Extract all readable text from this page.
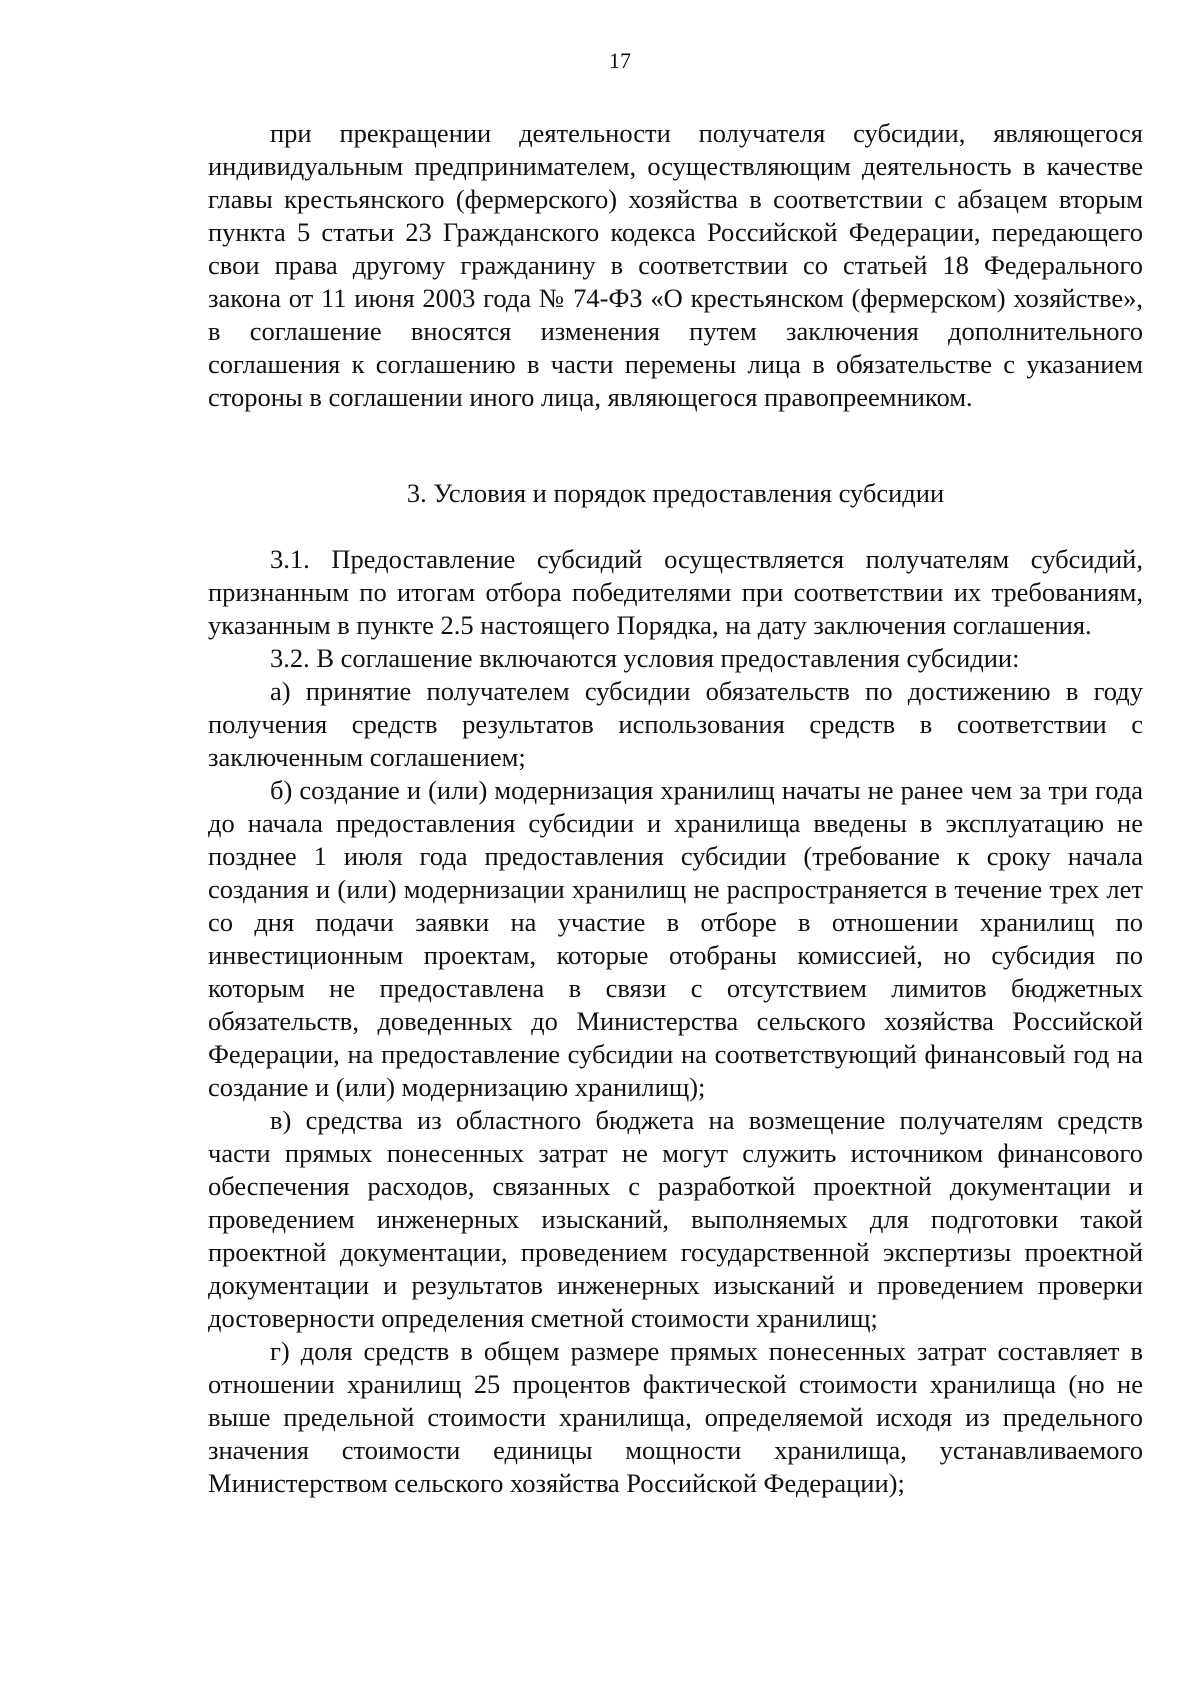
17

при прекращении деятельности получателя субсидии, являющегося индивидуальным предпринимателем, осуществляющим деятельность в качестве главы крестьянского (фермерского) хозяйства в соответствии с абзацем вторым пункта 5 статьи 23 Гражданского кодекса Российской Федерации, передающего свои права другому гражданину в соответствии со статьей 18 Федерального закона от 11 июня 2003 года № 74-ФЗ «О крестьянском (фермерском) хозяйстве», в соглашение вносятся изменения путем заключения дополнительного соглашения к соглашению в части перемены лица в обязательстве с указанием стороны в соглашении иного лица, являющегося правопреемником.

3. Условия и порядок предоставления субсидии

3.1. Предоставление субсидий осуществляется получателям субсидий, признанным по итогам отбора победителями при соответствии их требованиям, указанным в пункте 2.5 настоящего Порядка, на дату заключения соглашения.

3.2. В соглашение включаются условия предоставления субсидии:

а) принятие получателем субсидии обязательств по достижению в году получения средств результатов использования средств в соответствии с заключенным соглашением;

б) создание и (или) модернизация хранилищ начаты не ранее чем за три года до начала предоставления субсидии и хранилища введены в эксплуатацию не позднее 1 июля года предоставления субсидии (требование к сроку начала создания и (или) модернизации хранилищ не распространяется в течение трех лет со дня подачи заявки на участие в отборе в отношении хранилищ по инвестиционным проектам, которые отобраны комиссией, но субсидия по которым не предоставлена в связи с отсутствием лимитов бюджетных обязательств, доведенных до Министерства сельского хозяйства Российской Федерации, на предоставление субсидии на соответствующий финансовый год на создание и (или) модернизацию хранилищ);

в) средства из областного бюджета на возмещение получателям средств части прямых понесенных затрат не могут служить источником финансового обеспечения расходов, связанных с разработкой проектной документации и проведением инженерных изысканий, выполняемых для подготовки такой проектной документации, проведением государственной экспертизы проектной документации и результатов инженерных изысканий и проведением проверки достоверности определения сметной стоимости хранилищ;

г) доля средств в общем размере прямых понесенных затрат составляет в отношении хранилищ 25 процентов фактической стоимости хранилища (но не выше предельной стоимости хранилища, определяемой исходя из предельного значения стоимости единицы мощности хранилища, устанавливаемого Министерством сельского хозяйства Российской Федерации);
